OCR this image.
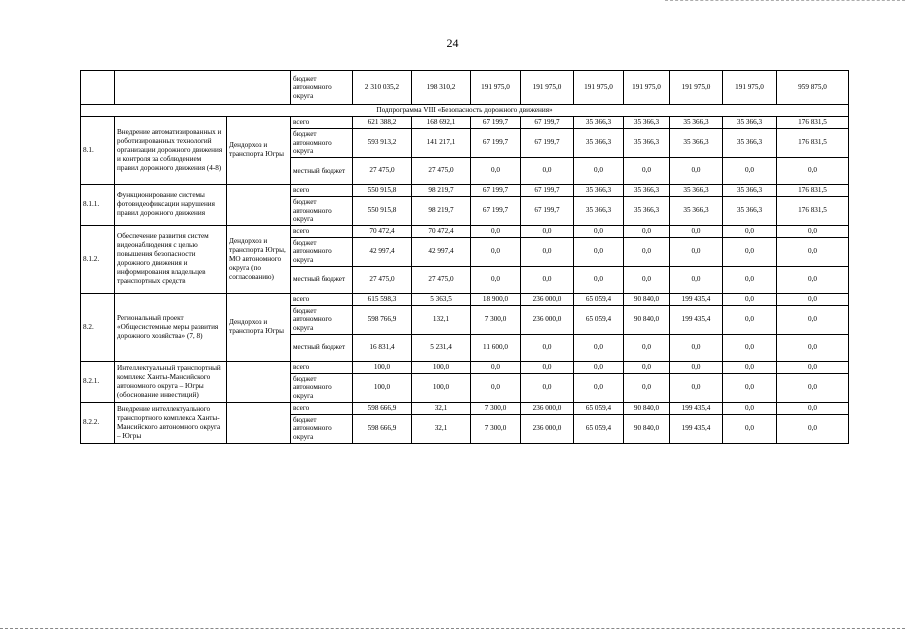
24
			бюджет автономного округа	2 310 035,2	198 310,2	191 975,0	191 975,0	191 975,0	191 975,0	191 975,0	191 975,0	959 875,0
Подпрограмма VIII «Безопасность дорожного движения»												
8.1.	Внедрение автоматизированных и роботизированных технологий организации дорожного движения и контроля за соблюдением правил дорожного движения (4-8)	Дендорхоз и транспорта Югры	всего	621 388,2	168 692,1	67 199,7	67 199,7	35 366,3	35 366,3	35 366,3	35 366,3	176 831,5
			бюджет автономного округа	593 913,2	141 217,1	67 199,7	67 199,7	35 366,3	35 366,3	35 366,3	35 366,3	176 831,5
			местный бюджет	27 475,0	27 475,0	0,0	0,0	0,0	0,0	0,0	0,0	0,0
8.1.1.	Функционирование системы фотовидеофиксации нарушения правил дорожного движения		всего	550 915,8	98 219,7	67 199,7	67 199,7	35 366,3	35 366,3	35 366,3	35 366,3	176 831,5
			бюджет автономного округа	550 915,8	98 219,7	67 199,7	67 199,7	35 366,3	35 366,3	35 366,3	35 366,3	176 831,5
8.1.2.	Обеспечение развития систем видеонаблюдения с целью повышения безопасности дорожного движения и информирования владельцев транспортных средств	Дендорхоз и транспорта Югры, МО автономного округа (по согласованию)	всего	70 472,4	70 472,4	0,0	0,0	0,0	0,0	0,0	0,0	0,0
			бюджет автономного округа	42 997,4	42 997,4	0,0	0,0	0,0	0,0	0,0	0,0	0,0
			местный бюджет	27 475,0	27 475,0	0,0	0,0	0,0	0,0	0,0	0,0	0,0
8.2.	Региональный проект «Общесистемные меры развития дорожного хозяйства» (7, 8)	Дендорхоз и транспорта Югры	всего	615 598,3	5 363,5	18 900,0	236 000,0	65 059,4	90 840,0	199 435,4	0,0	0,0
			бюджет автономного округа	598 766,9	132,1	7 300,0	236 000,0	65 059,4	90 840,0	199 435,4	0,0	0,0
			местный бюджет	16 831,4	5 231,4	11 600,0	0,0	0,0	0,0	0,0	0,0	0,0
8.2.1.	Интеллектуальный транспортный комплекс Ханты-Мансийского автономного округа – Югры (обоснование инвестиций)		всего	100,0	100,0	0,0	0,0	0,0	0,0	0,0	0,0	0,0
			бюджет автономного округа	100,0	100,0	0,0	0,0	0,0	0,0	0,0	0,0	0,0
8.2.2.	Внедрение интеллектуального транспортного комплекса Ханты-Мансийского автономного округа – Югры		всего	598 666,9	32,1	7 300,0	236 000,0	65 059,4	90 840,0	199 435,4	0,0	0,0
			бюджет автономного округа	598 666,9	32,1	7 300,0	236 000,0	65 059,4	90 840,0	199 435,4	0,0	0,0
